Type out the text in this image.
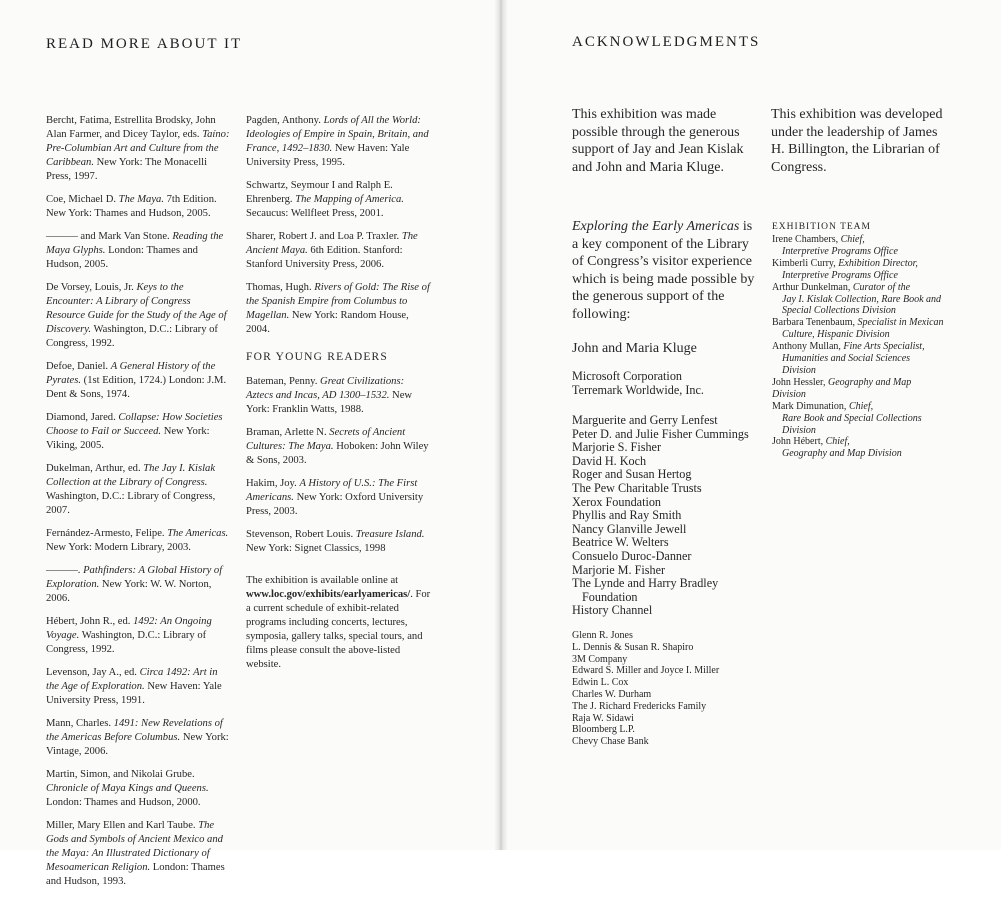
READ MORE ABOUT IT

Bercht, Fatima, Estrellita Brodsky, John Alan Farmer, and Dicey Taylor, eds. Taíno: Pre-Columbian Art and Culture from the Caribbean. New York: The Monacelli Press, 1997.

Coe, Michael D. The Maya. 7th Edition. New York: Thames and Hudson, 2005.

——— and Mark Van Stone. Reading the Maya Glyphs. London: Thames and Hudson, 2005.

De Vorsey, Louis, Jr. Keys to the Encounter: A Library of Congress Resource Guide for the Study of the Age of Discovery. Washington, D.C.: Library of Congress, 1992.

Defoe, Daniel. A General History of the Pyrates. (1st Edition, 1724.) London: J.M. Dent & Sons, 1974.

Diamond, Jared. Collapse: How Societies Choose to Fail or Succeed. New York: Viking, 2005.

Dukelman, Arthur, ed. The Jay I. Kislak Collection at the Library of Congress. Washington, D.C.: Library of Congress, 2007.

Fernández-Armesto, Felipe. The Americas. New York: Modern Library, 2003.

———. Pathfinders: A Global History of Exploration. New York: W. W. Norton, 2006.

Hébert, John R., ed. 1492: An Ongoing Voyage. Washington, D.C.: Library of Congress, 1992.

Levenson, Jay A., ed. Circa 1492: Art in the Age of Exploration. New Haven: Yale University Press, 1991.

Mann, Charles. 1491: New Revelations of the Americas Before Columbus. New York: Vintage, 2006.

Martin, Simon, and Nikolai Grube. Chronicle of Maya Kings and Queens. London: Thames and Hudson, 2000.

Miller, Mary Ellen and Karl Taube. The Gods and Symbols of Ancient Mexico and the Maya: An Illustrated Dictionary of Mesoamerican Religion. London: Thames and Hudson, 1993.

Pagden, Anthony. Lords of All the World: Ideologies of Empire in Spain, Britain, and France, 1492–1830. New Haven: Yale University Press, 1995.

Schwartz, Seymour I and Ralph E. Ehrenberg. The Mapping of America. Secaucus: Wellfleet Press, 2001.

Sharer, Robert J. and Loa P. Traxler. The Ancient Maya. 6th Edition. Stanford: Stanford University Press, 2006.

Thomas, Hugh. Rivers of Gold: The Rise of the Spanish Empire from Columbus to Magellan. New York: Random House, 2004.

FOR YOUNG READERS

Bateman, Penny. Great Civilizations: Aztecs and Incas, AD 1300–1532. New York: Franklin Watts, 1988.

Braman, Arlette N. Secrets of Ancient Cultures: The Maya. Hoboken: John Wiley & Sons, 2003.

Hakim, Joy. A History of U.S.: The First Americans. New York: Oxford University Press, 2003.

Stevenson, Robert Louis. Treasure Island. New York: Signet Classics, 1998

The exhibition is available online at www.loc.gov/exhibits/earlyamericas/. For a current schedule of exhibit-related programs including concerts, lectures, symposia, gallery talks, special tours, and films please consult the above-listed website.
ACKNOWLEDGMENTS

This exhibition was made possible through the generous support of Jay and Jean Kislak and John and Maria Kluge.

This exhibition was developed under the leadership of James H. Billington, the Librarian of Congress.

Exploring the Early Americas is a key component of the Library of Congress’s visitor experience which is being made possible by the generous support of the following:

John and Maria Kluge

Microsoft Corporation
Terremark Worldwide, Inc.
Marguerite and Gerry Lenfest
Peter D. and Julie Fisher Cummings
Marjorie S. Fisher
David H. Koch
Roger and Susan Hertog
The Pew Charitable Trusts
Xerox Foundation
Phyllis and Ray Smith
Nancy Glanville Jewell
Beatrice W. Welters
Consuelo Duroc-Danner
Marjorie M. Fisher
The Lynde and Harry Bradley
Foundation
History Channel
Glenn R. Jones
L. Dennis & Susan R. Shapiro
3M Company
Edward S. Miller and Joyce I. Miller
Edwin L. Cox
Charles W. Durham
The J. Richard Fredericks Family
Raja W. Sidawi
Bloomberg L.P.
Chevy Chase Bank
EXHIBITION TEAM

Irene Chambers, Chief,
Interpretive Programs Office

Kimberli Curry, Exhibition Director,
Interpretive Programs Office

Arthur Dunkelman, Curator of the
Jay I. Kislak Collection, Rare Book and Special Collections Division

Barbara Tenenbaum, Specialist in Mexican
Culture, Hispanic Division

Anthony Mullan, Fine Arts Specialist,
Humanities and Social Sciences Division

John Hessler, Geography and Map Division

Mark Dimunation, Chief,
Rare Book and Special Collections Division

John Hébert, Chief,
Geography and Map Division
